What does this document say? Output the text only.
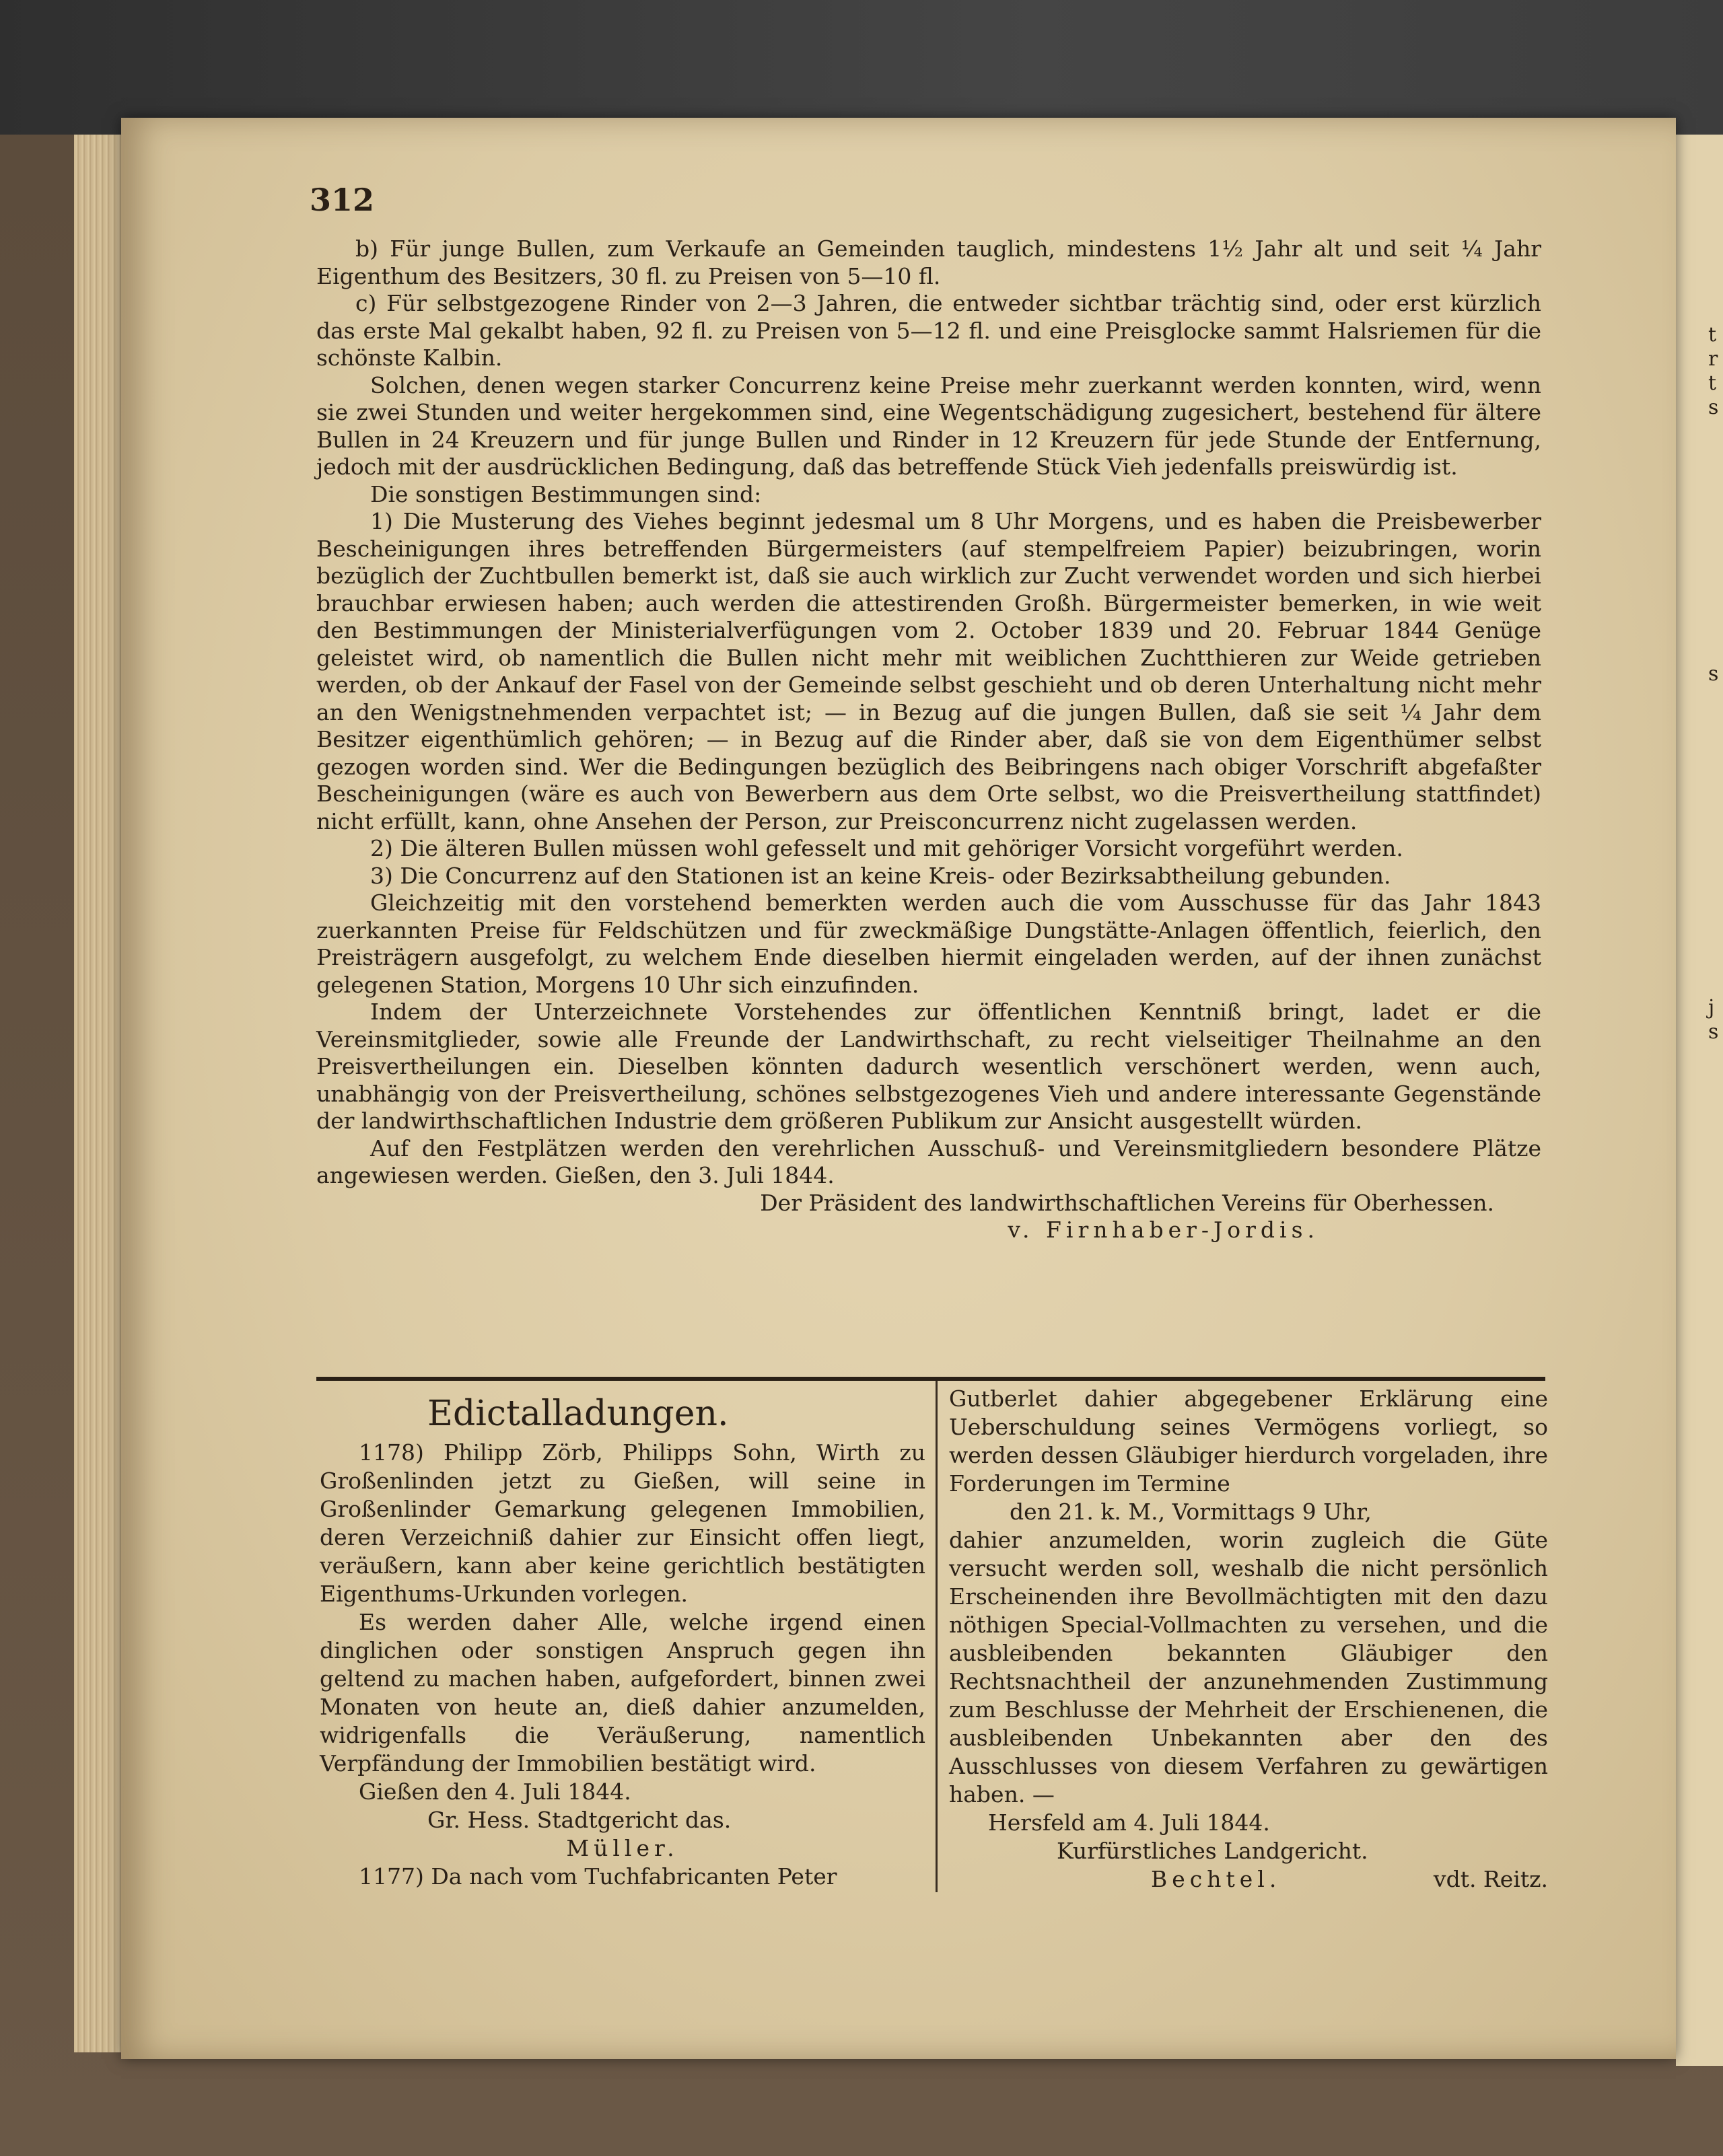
t
r
t
s
s
j
s
312

b) Für junge Bullen, zum Verkaufe an Gemeinden tauglich, mindestens 1½ Jahr alt und seit ¼ Jahr Eigenthum des Besitzers, 30 fl. zu Preisen von 5—10 fl.

c) Für selbstgezogene Rinder von 2—3 Jahren, die entweder sichtbar trächtig sind, oder erst kürzlich das erste Mal gekalbt haben, 92 fl. zu Preisen von 5—12 fl. und eine Preisglocke sammt Halsriemen für die schönste Kalbin.

Solchen, denen wegen starker Concurrenz keine Preise mehr zuerkannt werden konnten, wird, wenn sie zwei Stunden und weiter hergekommen sind, eine Wegentschädigung zugesichert, bestehend für ältere Bullen in 24 Kreuzern und für junge Bullen und Rinder in 12 Kreuzern für jede Stunde der Entfernung, jedoch mit der ausdrücklichen Bedingung, daß das betreffende Stück Vieh jedenfalls preiswürdig ist.

Die sonstigen Bestimmungen sind:

1) Die Musterung des Viehes beginnt jedesmal um 8 Uhr Morgens, und es haben die Preisbewerber Bescheinigungen ihres betreffenden Bürgermeisters (auf stempelfreiem Papier) beizubringen, worin bezüglich der Zuchtbullen bemerkt ist, daß sie auch wirklich zur Zucht verwendet worden und sich hierbei brauchbar erwiesen haben; auch werden die attestirenden Großh. Bürgermeister bemerken, in wie weit den Bestimmungen der Ministerialverfügungen vom 2. October 1839 und 20. Februar 1844 Genüge geleistet wird, ob namentlich die Bullen nicht mehr mit weiblichen Zuchtthieren zur Weide getrieben werden, ob der Ankauf der Fasel von der Gemeinde selbst geschieht und ob deren Unterhaltung nicht mehr an den Wenigstnehmenden verpachtet ist; — in Bezug auf die jungen Bullen, daß sie seit ¼ Jahr dem Besitzer eigenthümlich gehören; — in Bezug auf die Rinder aber, daß sie von dem Eigenthümer selbst gezogen worden sind. Wer die Bedingungen bezüglich des Beibringens nach obiger Vorschrift abgefaßter Bescheinigungen (wäre es auch von Bewerbern aus dem Orte selbst, wo die Preisvertheilung stattfindet) nicht erfüllt, kann, ohne Ansehen der Person, zur Preisconcurrenz nicht zugelassen werden.

2) Die älteren Bullen müssen wohl gefesselt und mit gehöriger Vorsicht vorgeführt werden.

3) Die Concurrenz auf den Stationen ist an keine Kreis- oder Bezirksabtheilung gebunden.

Gleichzeitig mit den vorstehend bemerkten werden auch die vom Ausschusse für das Jahr 1843 zuerkannten Preise für Feldschützen und für zweckmäßige Dungstätte-Anlagen öffentlich, feierlich, den Preisträgern ausgefolgt, zu welchem Ende dieselben hiermit eingeladen werden, auf der ihnen zunächst gelegenen Station, Morgens 10 Uhr sich einzufinden.

Indem der Unterzeichnete Vorstehendes zur öffentlichen Kenntniß bringt, ladet er die Vereinsmitglieder, sowie alle Freunde der Landwirthschaft, zu recht vielseitiger Theilnahme an den Preisvertheilungen ein. Dieselben könnten dadurch wesentlich verschönert werden, wenn auch, unabhängig von der Preisvertheilung, schönes selbstgezogenes Vieh und andere interessante Gegenstände der landwirthschaftlichen Industrie dem größeren Publikum zur Ansicht ausgestellt würden.

Auf den Festplätzen werden den verehrlichen Ausschuß- und Vereinsmitgliedern besondere Plätze angewiesen werden. Gießen, den 3. Juli 1844.

Der Präsident des landwirthschaftlichen Vereins für Oberhessen.

v. Firnhaber-Jordis.

Edictalladungen.

1178) Philipp Zörb, Philipps Sohn, Wirth zu Großenlinden jetzt zu Gießen, will seine in Großenlinder Gemarkung gelegenen Immobilien, deren Verzeichniß dahier zur Einsicht offen liegt, veräußern, kann aber keine gerichtlich bestätigten Eigenthums-Urkunden vorlegen.

Es werden daher Alle, welche irgend einen dinglichen oder sonstigen Anspruch gegen ihn geltend zu machen haben, aufgefordert, binnen zwei Monaten von heute an, dieß dahier anzumelden, widrigenfalls die Veräußerung, namentlich Verpfändung der Immobilien bestätigt wird.

Gießen den 4. Juli 1844.

Gr. Hess. Stadtgericht das.

Müller.

1177) Da nach vom Tuchfabricanten Peter

Gutberlet dahier abgegebener Erklärung eine Ueberschuldung seines Vermögens vorliegt, so werden dessen Gläubiger hierdurch vorgeladen, ihre Forderungen im Termine

den 21. k. M., Vormittags 9 Uhr,

dahier anzumelden, worin zugleich die Güte versucht werden soll, weshalb die nicht persönlich Erscheinenden ihre Bevollmächtigten mit den dazu nöthigen Special-Vollmachten zu versehen, und die ausbleibenden bekannten Gläubiger den Rechtsnachtheil der anzunehmenden Zustimmung zum Beschlusse der Mehrheit der Erschienenen, die ausbleibenden Unbekannten aber den des Ausschlusses von diesem Verfahren zu gewärtigen haben. —

Hersfeld am 4. Juli 1844.

Kurfürstliches Landgericht.

Bechtel.	vdt. Reitz.
